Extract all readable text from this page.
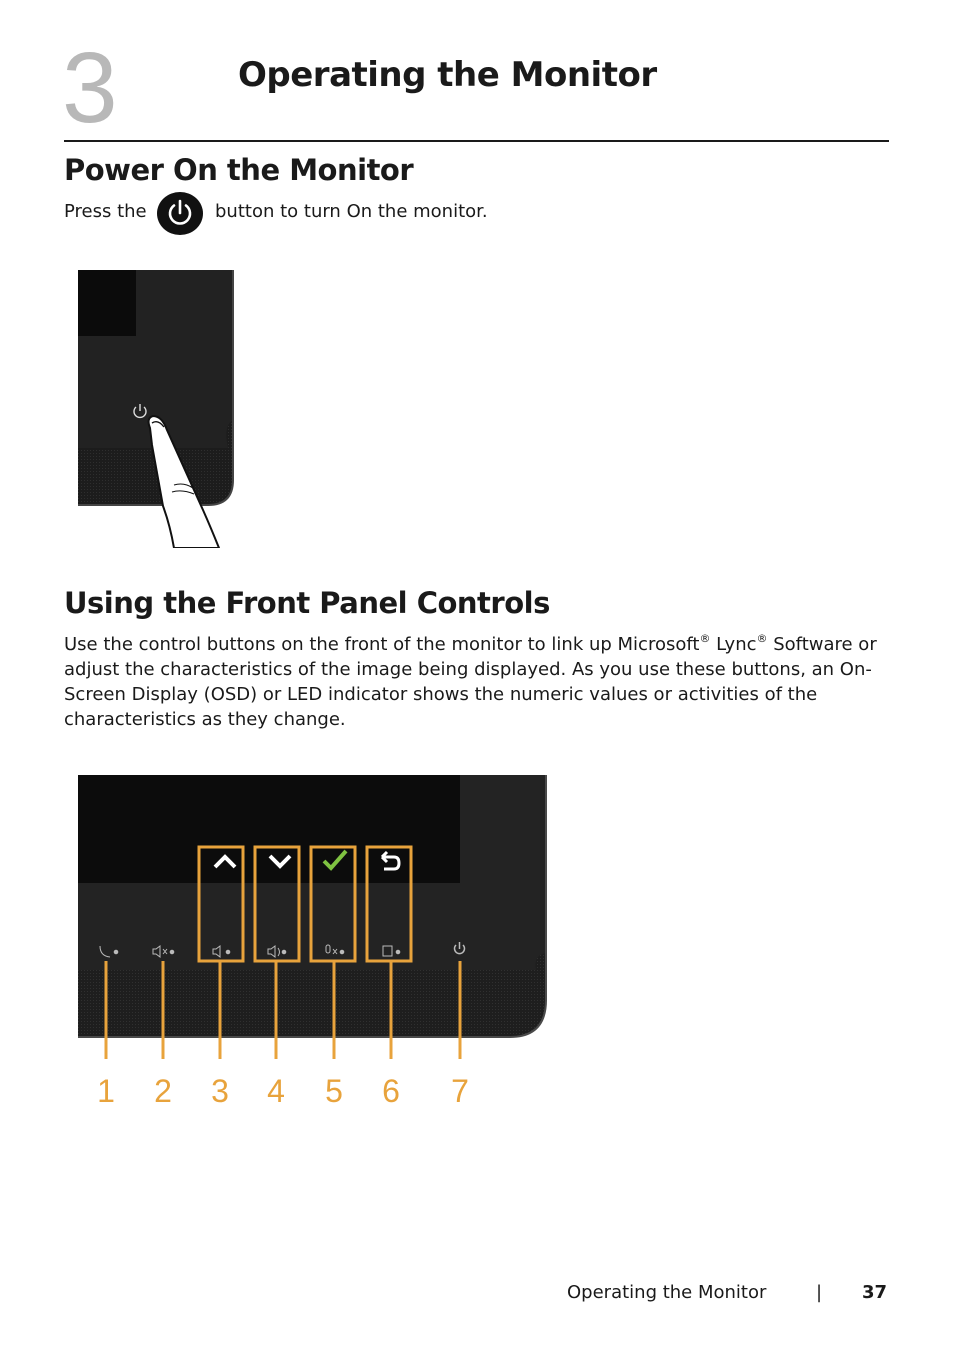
3	Operating the Monitor
Power On the Monitor
Press the	button to turn On the monitor.
Using the Front Panel Controls
Use the control buttons on the front of the monitor to link up Microsoft® Lync® Software or adjust the characteristics of the image being displayed. As you use these buttons, an On-Screen Display (OSD) or LED indicator shows the numeric values or activities of the characteristics as they change.
1 2 3 4 5 6 7
Operating the Monitor	| 37
